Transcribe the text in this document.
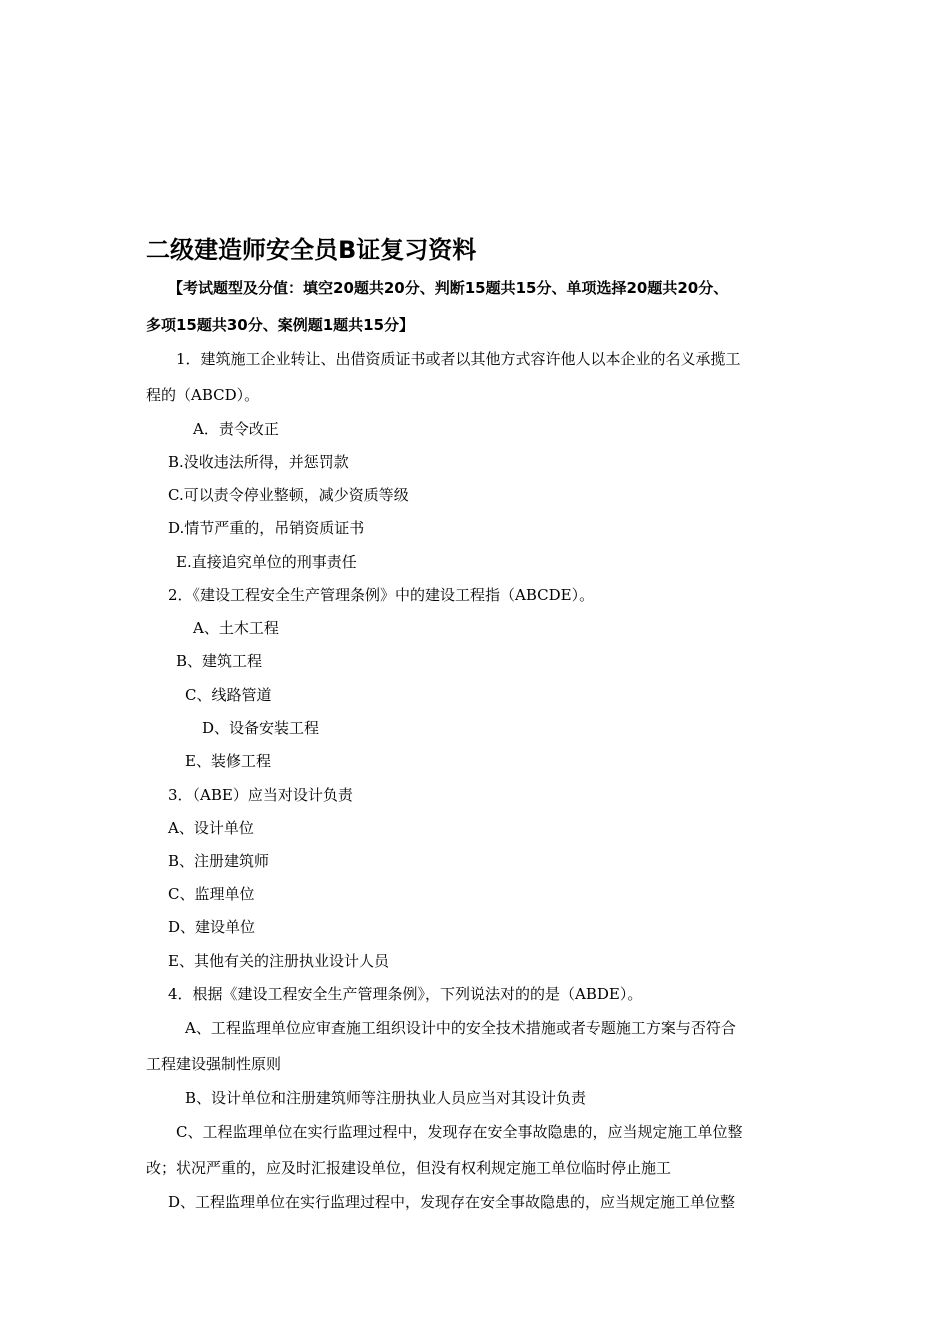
二级建造师安全员B证复习资料
【考试题型及分值：填空20题共20分、判断15题共15分、单项选择20题共20分、
多项15题共30分、案例题1题共15分】
1．建筑施工企业转让、出借资质证书或者以其他方式容许他人以本企业的名义承揽工
程的（ABCD）。
A．责令改正
B.没收违法所得，并惩罚款
C.可以责令停业整顿，减少资质等级
D.情节严重的，吊销资质证书
E.直接追究单位的刑事责任
2．《建设工程安全生产管理条例》中的建设工程指（ABCDE）。
A、土木工程
B、建筑工程
C、线路管道
D、设备安装工程
E、装修工程
3．（ABE）应当对设计负责
A、设计单位
B、注册建筑师
C、监理单位
D、建设单位
E、其他有关的注册执业设计人员
4．根据《建设工程安全生产管理条例》，下列说法对的的是（ABDE）。
A、工程监理单位应审查施工组织设计中的安全技术措施或者专题施工方案与否符合
工程建设强制性原则
B、设计单位和注册建筑师等注册执业人员应当对其设计负责
C、工程监理单位在实行监理过程中，发现存在安全事故隐患的，应当规定施工单位整
改；状况严重的，应及时汇报建设单位，但没有权利规定施工单位临时停止施工
D、工程监理单位在实行监理过程中，发现存在安全事故隐患的，应当规定施工单位整
